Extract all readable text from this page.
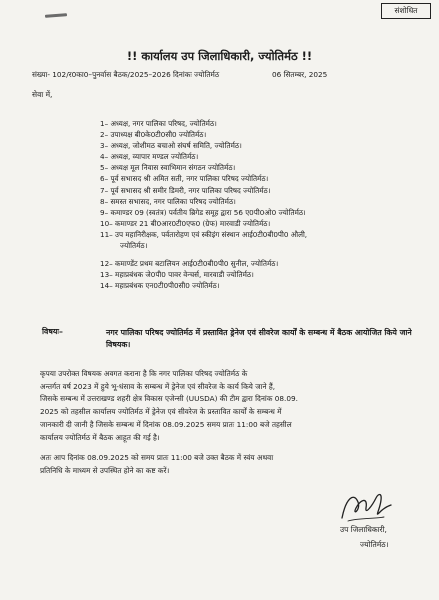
संशोधित
!! कार्यालय उप जिलाधिकारी, ज्योतिर्मठ !!
संख्या- 102/र0का0–पुनर्वास बैठक/2025–2026 दिनांकः ज्योतिर्मठ	06 सितम्बर, 2025
सेवा में,
1– अध्यक्ष, नगर पालिका परिषद, ज्योतिर्मठ।
2– उपाध्यक्ष बी0के0टी0सी0 ज्योतिर्मठ।
3– अध्यक्ष, जोशीमठ बचाओ संघर्ष समिति, ज्योतिर्मठ।
4– अध्यक्ष, व्यापार मण्डल ज्योतिर्मठ।
5– अध्यक्ष मूल निवास स्वाभिमान संगठन ज्योतिर्मठ।
6– पूर्व सभासद श्री अमित सती, नगर पालिका परिषद ज्योतिर्मठ।
7– पूर्व सभासद श्री समीर डिमरी, नगर पालिका परिषद ज्योतिर्मठ।
8– समस्त सभासद, नगर पालिका परिषद ज्योतिर्मठ।
9– कमाण्डर 09 (स्वतंत्र) पर्वतीय ब्रिगेड समूह द्वारा 56 ए0पी0ओ0 ज्योतिर्मठ।
10– कमाण्डर 21 बी0आर0टी0एफ0 (ग्रेफ) मारवाडी ज्योतिर्मठ।
11– उप महानिरीक्षक, पर्वतारोहण एवं स्कीइंग संस्थान आई0टी0बी0पी0 औली,
ज्योतिर्मठ।
12– कमाण्डेंट प्रथम बटालियन आई0टी0बी0पी0 सुनील, ज्योतिर्मठ।
13– महाप्रबंधक जे0पी0 पावर वेन्चर्स, मारवाडी ज्योतिर्मठ।
14– महाप्रबंधक एन0टी0पी0सी0 ज्योतिर्मठ।
विषयः–	नगर पालिका परिषद ज्योतिर्मठ में प्रस्तावित ड्रेनेज एवं सीवरेज कार्यों के सम्बन्ध में बैठक आयोजित किये जाने विषयक।

कृपया उपरोक्त विषयक अवगत कराना है कि नगर पालिका परिषद ज्योतिर्मठ के

अन्तर्गत वर्ष 2023 में हुये भू-धंसाव के सम्बन्ध में ड्रेनेज एवं सीवरेज के कार्य किये जाने हैं,

जिसके सम्बन्ध में उत्तराखण्ड शहरी क्षेत्र विकास एजेन्सी (UUSDA) की टीम द्वारा दिनांक 08.09.

2025 को तहसील कार्यालय ज्योतिर्मठ में ड्रेनेज एवं सीवरेज के प्रस्तावित कार्यों के सम्बन्ध में

जानकारी दी जानी है जिसके सम्बन्ध में दिनांक 08.09.2025 समय प्रातः 11:00 बजे तहसील

कार्यालय ज्योतिर्मठ में बैठक आहूत की गई है।

अतः आप दिनांक 08.09.2025 को समय प्रातः 11:00 बजे उक्त बैठक में स्वंय अथवा

प्रतिनिधि के माध्यम से उपस्थित होने का कष्ट करें।

उप जिलाधिकारी,
ज्योतिर्मठ।
